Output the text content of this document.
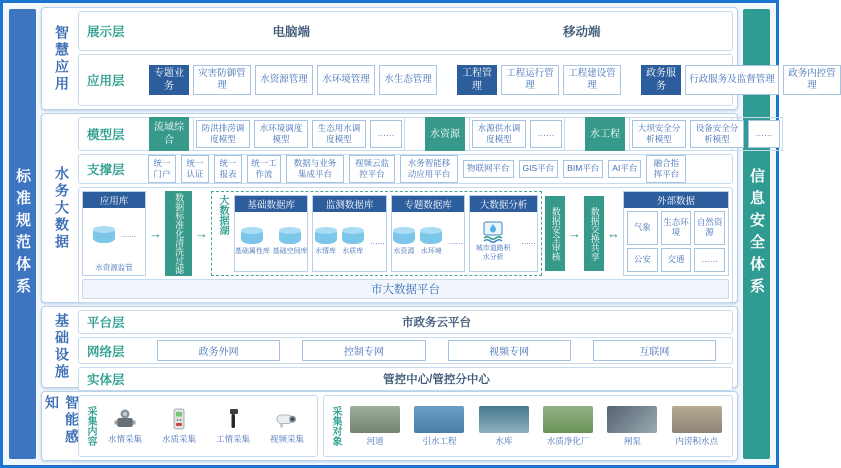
标准规范体系	信息安全体系
智慧应用	展示层	电脑端	移动端
应用层
专题业务
灾害防御管理
水资源管理	水环境管理	水生态管理
工程管理
工程运行管理
工程建设管理
政务服务
行政服务及监督管理
政务内控管理
水务大数据
模型层
流域综合
防洪排涝调度模型
水环境调度模型
生态用水调度模型
……	水资源
水源供水调度模型
……	水工程
大坝安全分析模型
设备安全分析模型
……
支撑层
统一门户
统一认证
统一报表
统一工作流
数据与业务集成平台
视频云监控平台
水务智能移动应用平台
物联网平台	GIS平台	BIM平台	AI平台
融合指挥平台
应用库
……
水资源监管
→	数据标准化清洗过滤 → 大数据湖	基础数据库
基础属性库 基础空间库
监测数据库
水情库 水质库
……
专题数据库
水资源 水环境
……
大数据分析
城市道路积水分析
……	数据安全审核 → 数据交换共享 ↔
外部数据
气象	生态环境
自然资源
公安	交通	……
市大数据平台
基础设施	平台层	市政务云平台
网络层	政务外网	控制专网	视频专网	互联网
实体层	管控中心/管控分中心
智能感知
采集内容 水情采集 水质采集 工情采集 视频采集	采集对象	河道	引水工程	水库	水质净化厂	闸泵	内涝积水点
